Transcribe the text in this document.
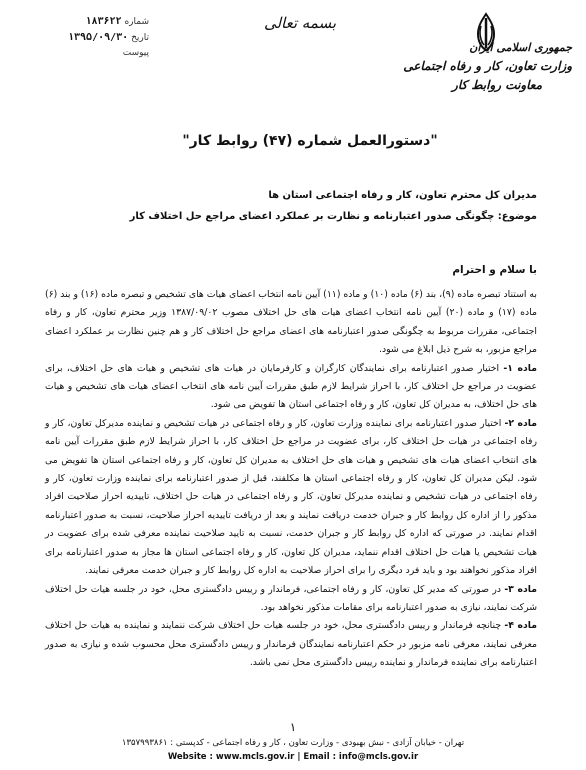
شماره ۱۸۳۶۲۲
تاریخ ۱۳۹۵/۰۹/۳۰
پیوست
بسمه تعالی
جمهوری اسلامی ایران
وزارت تعاون، کار و رفاه اجتماعی
معاونت روابط کار
"دستورالعمل شماره (۴۷) روابط کار"
مدیران کل محترم تعاون، کار و رفاه اجتماعی استان ها
موضوع: چگونگی صدور اعتبارنامه و نظارت بر عملکرد اعضای مراجع حل اختلاف کار
با سلام و احترام

به استناد تبصره ماده (۹)، بند (۶) ماده (۱۰) و ماده (۱۱) آیین نامه انتخاب اعضای هیات های تشخیص و تبصره ماده (۱۶) و بند (۶) ماده (۱۷) و ماده (۲۰) آیین نامه انتخاب اعضای هیات های حل اختلاف مصوب ۱۳۸۷/۰۹/۰۲ وزیر محترم تعاون، کار و رفاه اجتماعی، مقررات مربوط به چگونگی صدور اعتبارنامه های اعضای مراجع حل اختلاف کار و هم چنین نظارت بر عملکرد اعضای مراجع مزبور، به شرح ذیل ابلاغ می شود.

ماده ۱- اختیار صدور اعتبارنامه برای نمایندگان کارگران و کارفرمایان در هیات های تشخیص و هیات های حل اختلاف، برای عضویت در مراجع حل اختلاف کار، با احراز شرایط لازم طبق مقررات آیین نامه های انتخاب اعضای هیات های تشخیص و هیات های حل اختلاف، به مدیران کل تعاون، کار و رفاه اجتماعی استان ها تفویض می شود.

ماده ۲- اختیار صدور اعتبارنامه برای نماینده وزارت تعاون، کار و رفاه اجتماعی در هیات تشخیص و نماینده مدیرکل تعاون، کار و رفاه اجتماعی در هیات حل اختلاف کار، برای عضویت در مراجع حل اختلاف کار، با احراز شرایط لازم طبق مقررات آیین نامه های انتخاب اعضای هیات های تشخیص و هیات های حل اختلاف به مدیران کل تعاون، کار و رفاه اجتماعی استان ها تفویض می شود. لیکن مدیران کل تعاون، کار و رفاه اجتماعی استان ها مکلفند، قبل از صدور اعتبارنامه برای نماینده وزارت تعاون، کار و رفاه اجتماعی در هیات تشخیص و نماینده مدیرکل تعاون، کار و رفاه اجتماعی در هیات حل اختلاف، تاییدیه احراز صلاحیت افراد مذکور را از اداره کل روابط کار و جبران خدمت دریافت نمایند و بعد از دریافت تاییدیه احراز صلاحیت، نسبت به صدور اعتبارنامه اقدام نمایند. در صورتی که اداره کل روابط کار و جبران خدمت، نسبت به تایید صلاحیت نماینده معرفی شده برای عضویت در هیات تشخیص یا هیات حل اختلاف اقدام ننماید، مدیران کل تعاون، کار و رفاه اجتماعی استان ها مجاز به صدور اعتبارنامه برای افراد مذکور نخواهند بود و باید فرد دیگری را برای احراز صلاحیت به اداره کل روابط کار و جبران خدمت معرفی نمایند.

ماده ۳- در صورتی که مدیر کل تعاون، کار و رفاه اجتماعی، فرماندار و رییس دادگستری محل، خود در جلسه هیات حل اختلاف شرکت نمایند، نیازی به صدور اعتبارنامه برای مقامات مذکور نخواهد بود.

ماده ۴- چنانچه فرماندار و رییس دادگستری محل، خود در جلسه هیات حل اختلاف شرکت ننمایند و نماینده به هیات حل اختلاف معرفی نمایند، معرفی نامه مزبور در حکم اعتبارنامه نمایندگان فرماندار و رییس دادگستری محل محسوب شده و نیازی به صدور اعتبارنامه برای نماینده فرماندار و نماینده رییس دادگستری محل نمی باشد.

۱
تهران - خیابان آزادی - نبش بهبودی - وزارت تعاون ، کار و رفاه اجتماعی - کدپستی : ۱۳۵۷۹۹۳۸۶۱
Website : www.mcls.gov.ir | Email : info@mcls.gov.ir
